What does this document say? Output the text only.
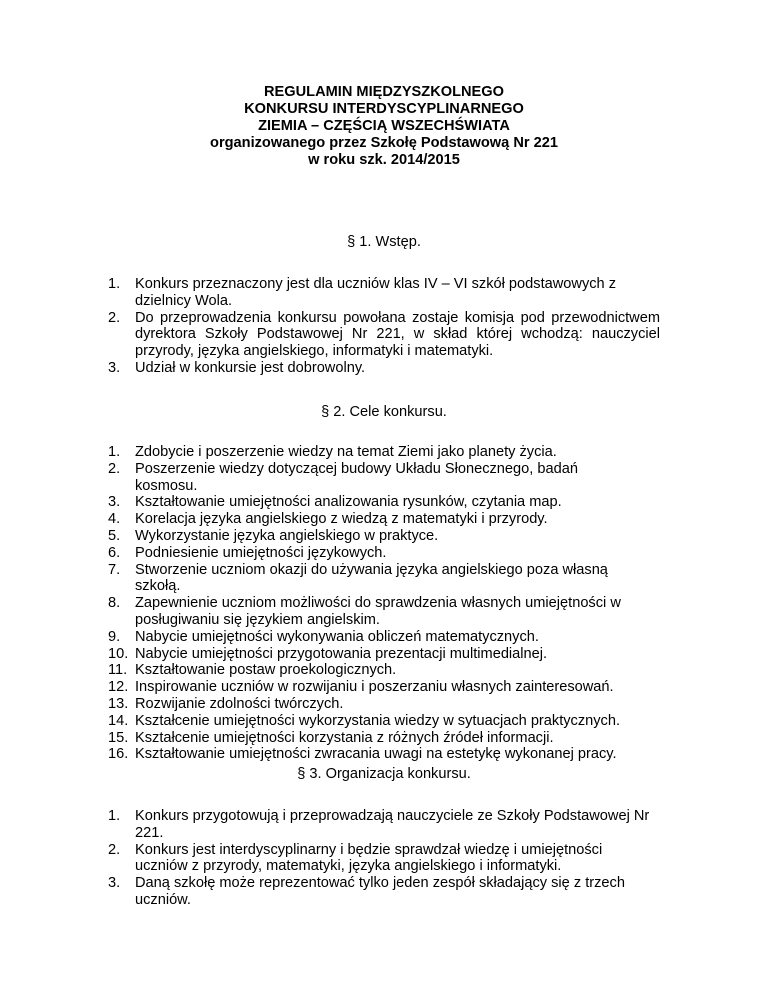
REGULAMIN MIĘDZYSZKOLNEGO
KONKURSU INTERDYSCYPLINARNEGO
ZIEMIA – CZĘŚCIĄ WSZECHŚWIATA
organizowanego przez Szkołę Podstawową Nr 221
w roku szk. 2014/2015
§ 1. Wstęp.
1.	Konkurs przeznaczony jest dla uczniów klas IV – VI szkół podstawowych z dzielnicy Wola.
2.	Do przeprowadzenia konkursu powołana zostaje komisja pod przewodnictwem dyrektora Szkoły Podstawowej Nr 221, w skład której wchodzą: nauczyciel przyrody, języka angielskiego, informatyki i matematyki.
3.	Udział w konkursie jest dobrowolny.
§ 2. Cele konkursu.
1.	Zdobycie i poszerzenie wiedzy na temat Ziemi jako planety życia.
2.	Poszerzenie wiedzy dotyczącej budowy Układu Słonecznego, badań kosmosu.
3.	Kształtowanie umiejętności analizowania rysunków, czytania map.
4.	Korelacja języka angielskiego z wiedzą z matematyki i przyrody.
5.	Wykorzystanie języka angielskiego w praktyce.
6.	Podniesienie umiejętności językowych.
7.	Stworzenie uczniom okazji do używania języka angielskiego poza własną szkołą.
8.	Zapewnienie uczniom możliwości do sprawdzenia własnych umiejętności w posługiwaniu się językiem angielskim.
9.	Nabycie umiejętności wykonywania obliczeń matematycznych.
10. Nabycie umiejętności przygotowania prezentacji multimedialnej.
11. Kształtowanie postaw proekologicznych.
12. Inspirowanie uczniów w rozwijaniu i poszerzaniu własnych zainteresowań.
13. Rozwijanie zdolności twórczych.
14. Kształcenie umiejętności wykorzystania wiedzy w sytuacjach praktycznych.
15. Kształcenie umiejętności korzystania z różnych źródeł informacji.
16. Kształtowanie umiejętności zwracania uwagi na estetykę wykonanej pracy.
§ 3. Organizacja konkursu.
1.	Konkurs przygotowują i przeprowadzają nauczyciele ze Szkoły Podstawowej Nr 221.
2.	Konkurs jest interdyscyplinarny i będzie sprawdzał wiedzę i umiejętności uczniów z przyrody, matematyki, języka angielskiego i informatyki.
3.	Daną szkołę może reprezentować tylko jeden zespół składający się z trzech uczniów.
